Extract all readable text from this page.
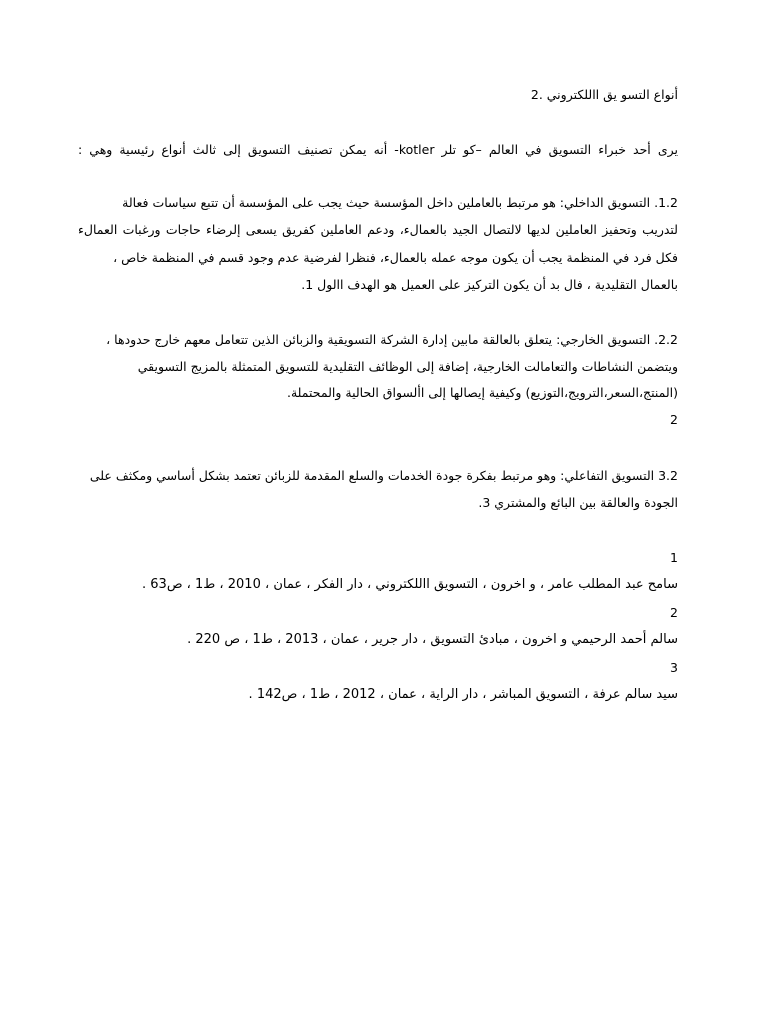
أنواع التسو يق االلكتروني .2
يرى أحد خبراء التسويق في العالم –كو تلر kotler- أنه يمكن تصنيف التسويق إلى ثالث أنواع رئيسية وهي :
1.2. التسويق الداخلي: هو مرتبط بالعاملين داخل المؤسسة حيث يجب على المؤسسة أن تتبع سياسات فعالة
لتدريب وتحفيز العاملين لديها لالتصال الجيد بالعمالء، ودعم العاملين كفريق يسعى إلرضاء حاجات ورغبات العمالء
فكل فرد في المنظمة يجب أن يكون موجه عمله بالعمالء، فنظرا لفرضية عدم وجود قسم في المنظمة خاص ،
بالعمال التقليدية ، فال بد أن يكون التركيز على العميل هو الهدف االول 1.
2.2. التسويق الخارجي: يتعلق بالعالقة مابين إدارة الشركة التسويقية والزبائن الذين تتعامل معهم خارج حدودها ،
ويتضمن النشاطات والتعامالت الخارجية، إضافة إلى الوظائف التقليدية للتسويق المتمثلة بالمزيج التسويقي
(المنتج،السعر،الترويج،التوزيع) وكيفية إيصالها إلى األسواق الحالية والمحتملة.
2
3.2 التسويق التفاعلي: وهو مرتبط بفكرة جودة الخدمات والسلع المقدمة للزبائن تعتمد بشكل أساسي ومكثف على
الجودة والعالقة بين البائع والمشتري 3.
1
سامح عبد المطلب عامر ، و اخرون ، التسويق االلكتروني ، دار الفكر ، عمان ، 2010 ، ط1 ، ص63 .
2
سالم أحمد الرحيمي و اخرون ، مبادئ التسويق ، دار جرير ، عمان ، 2013 ، ط1 ، ص 220 .
3
سيد سالم عرفة ، التسويق المباشر ، دار الراية ، عمان ، 2012 ، ط1 ، ص142 .
